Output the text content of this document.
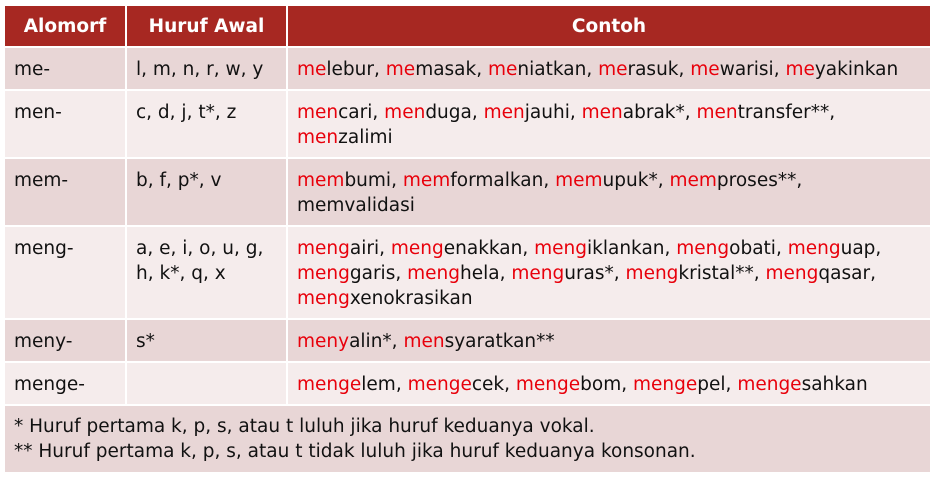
Alomorf	Huruf Awal	Contoh
me-	l, m, n, r, w, y	melebur, memasak, meniatkan, merasuk, mewarisi, meyakinkan
men-	c, d, j, t*, z	mencari, menduga, menjauhi, menabrak*, mentransfer**, menzalimi
mem-	b, f, p*, v	membumi, memformalkan, memupuk*, memproses**, memvalidasi
meng-	a, e, i, o, u, g, h, k*, q, x	mengairi, mengenakkan, mengiklankan, mengobati, menguap, menggaris, menghela, menguras*, mengkristal**, mengqasar, mengxenokrasikan
meny-	s*	menyalin*, mensyaratkan**
menge-		mengelem, mengecek, mengebom, mengepel, mengesahkan

* Huruf pertama k, p, s, atau t luluh jika huruf keduanya vokal.
** Huruf pertama k, p, s, atau t tidak luluh jika huruf keduanya konsonan.		
